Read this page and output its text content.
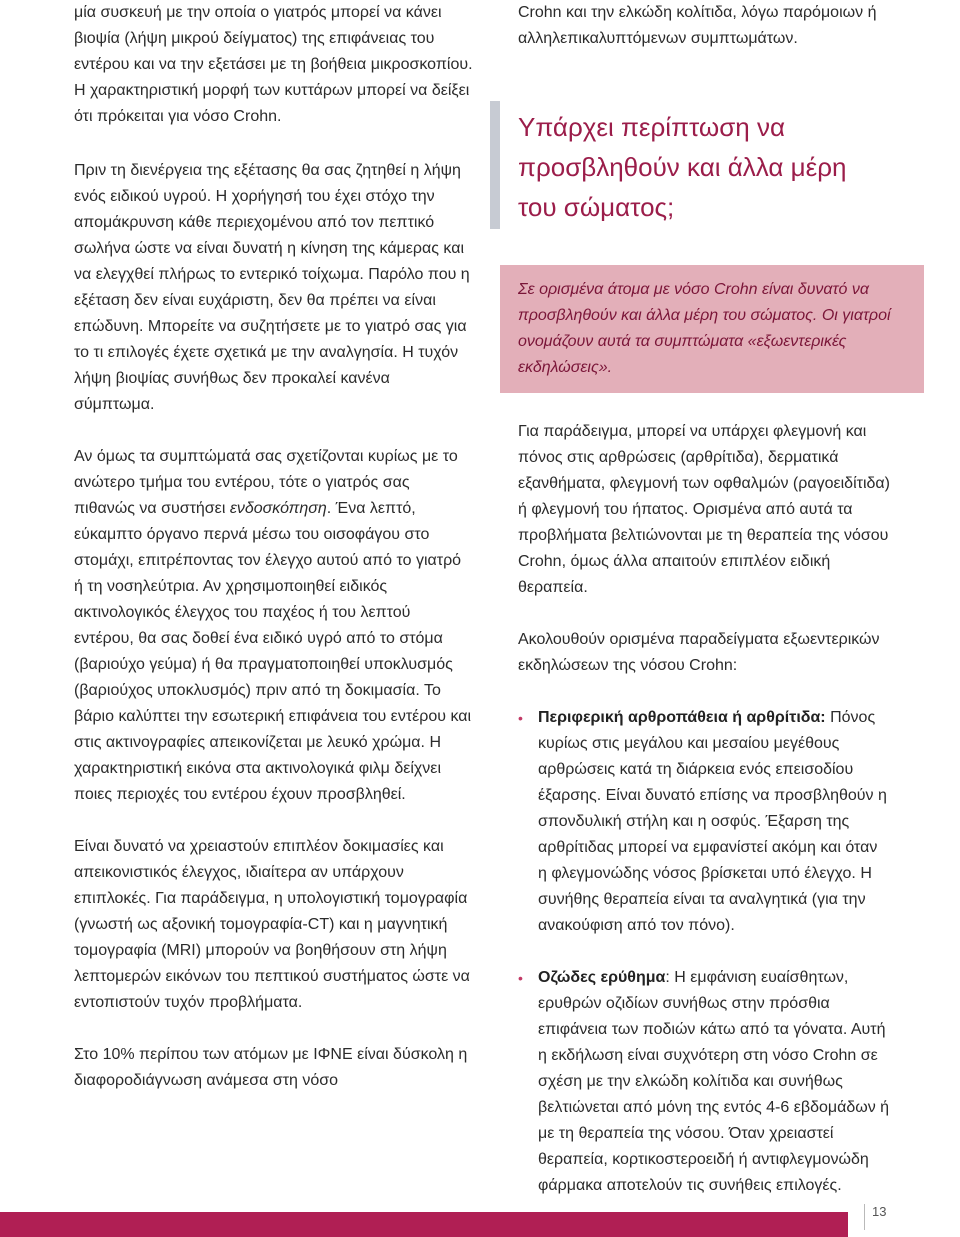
μία συσκευή με την οποία ο γιατρός μπορεί να κάνει βιοψία (λήψη μικρού δείγματος) της επιφάνειας του εντέρου και να την εξετάσει με τη βοήθεια μικροσκοπίου. Η χαρακτηριστική μορφή των κυττάρων μπορεί να δείξει ότι πρόκειται για νόσο Crohn.

Πριν τη διενέργεια της εξέτασης θα σας ζητηθεί η λήψη ενός ειδικού υγρού. Η χορήγησή του έχει στόχο την απομάκρυνση κάθε περιεχομένου από τον πεπτικό σωλήνα ώστε να είναι δυνατή η κίνηση της κάμερας και να ελεγχθεί πλήρως το εντερικό τοίχωμα. Παρόλο που η εξέταση δεν είναι ευχάριστη, δεν θα πρέπει να είναι επώδυνη. Μπορείτε να συζητήσετε με το γιατρό σας για το τι επιλογές έχετε σχετικά με την αναλγησία. Η τυχόν λήψη βιοψίας συνήθως δεν προκαλεί κανένα σύμπτωμα.

Αν όμως τα συμπτώματά σας σχετίζονται κυρίως με το ανώτερο τμήμα του εντέρου, τότε ο γιατρός σας πιθανώς να συστήσει ενδοσκόπηση. Ένα λεπτό, εύκαμπτο όργανο περνά μέσω του οισοφάγου στο στομάχι, επιτρέποντας τον έλεγχο αυτού από το γιατρό ή τη νοσηλεύτρια. Αν χρησιμοποιηθεί ειδικός ακτινολογικός έλεγχος του παχέος ή του λεπτού εντέρου, θα σας δοθεί ένα ειδικό υγρό από το στόμα (βαριούχο γεύμα) ή θα πραγματοποιηθεί υποκλυσμός (βαριούχος υποκλυσμός) πριν από τη δοκιμασία. Το βάριο καλύπτει την εσωτερική επιφάνεια του εντέρου και στις ακτινογραφίες απεικονίζεται με λευκό χρώμα. Η χαρακτηριστική εικόνα στα ακτινολογικά φιλμ δείχνει ποιες περιοχές του εντέρου έχουν προσβληθεί.

Είναι δυνατό να χρειαστούν επιπλέον δοκιμασίες και απεικονιστικός έλεγχος, ιδιαίτερα αν υπάρχουν επιπλοκές. Για παράδειγμα, η υπολογιστική τομογραφία (γνωστή ως αξονική τομογραφία-CT) και η μαγνητική τομογραφία (MRI) μπορούν να βοηθήσουν στη λήψη λεπτομερών εικόνων του πεπτικού συστήματος ώστε να εντοπιστούν τυχόν προβλήματα.

Στο 10% περίπου των ατόμων με ΙΦΝΕ είναι δύσκολη η διαφοροδιάγνωση ανάμεσα στη νόσο

Crohn και την ελκώδη κολίτιδα, λόγω παρόμοιων ή αλληλεπικαλυπτόμενων συμπτωμάτων.

Υπάρχει περίπτωση να προσβληθούν και άλλα μέρη του σώματος;

Σε ορισμένα άτομα με νόσο Crohn είναι δυνατό να προσβληθούν και άλλα μέρη του σώματος. Οι γιατροί ονομάζουν αυτά τα συμπτώματα «εξωεντερικές εκδηλώσεις».

Για παράδειγμα, μπορεί να υπάρχει φλεγμονή και πόνος στις αρθρώσεις (αρθρίτιδα), δερματικά εξανθήματα, φλεγμονή των οφθαλμών (ραγοειδίτιδα) ή φλεγμονή του ήπατος. Ορισμένα από αυτά τα προβλήματα βελτιώνονται με τη θεραπεία της νόσου Crohn, όμως άλλα απαιτούν επιπλέον ειδική θεραπεία.

Ακολουθούν ορισμένα παραδείγματα εξωεντερικών εκδηλώσεων της νόσου Crohn:

• Περιφερική αρθροπάθεια ή αρθρίτιδα: Πόνος κυρίως στις μεγάλου και μεσαίου μεγέθους αρθρώσεις κατά τη διάρκεια ενός επεισοδίου έξαρσης. Είναι δυνατό επίσης να προσβληθούν η σπονδυλική στήλη και η οσφύς. Έξαρση της αρθρίτιδας μπορεί να εμφανίστεί ακόμη και όταν η φλεγμονώδης νόσος βρίσκεται υπό έλεγχο. Η συνήθης θεραπεία είναι τα αναλγητικά (για την ανακούφιση από τον πόνο).
• Οζώδες ερύθημα: Η εμφάνιση ευαίσθητων, ερυθρών οζιδίων συνήθως στην πρόσθια επιφάνεια των ποδιών κάτω από τα γόνατα. Αυτή η εκδήλωση είναι συχνότερη στη νόσο Crohn σε σχέση με την ελκώδη κολίτιδα και συνήθως βελτιώνεται από μόνη της εντός 4-6 εβδομάδων ή με τη θεραπεία της νόσου. Όταν χρειαστεί θεραπεία, κορτικοστεροειδή ή αντιφλεγμονώδη φάρμακα αποτελούν τις συνήθεις επιλογές.
13
